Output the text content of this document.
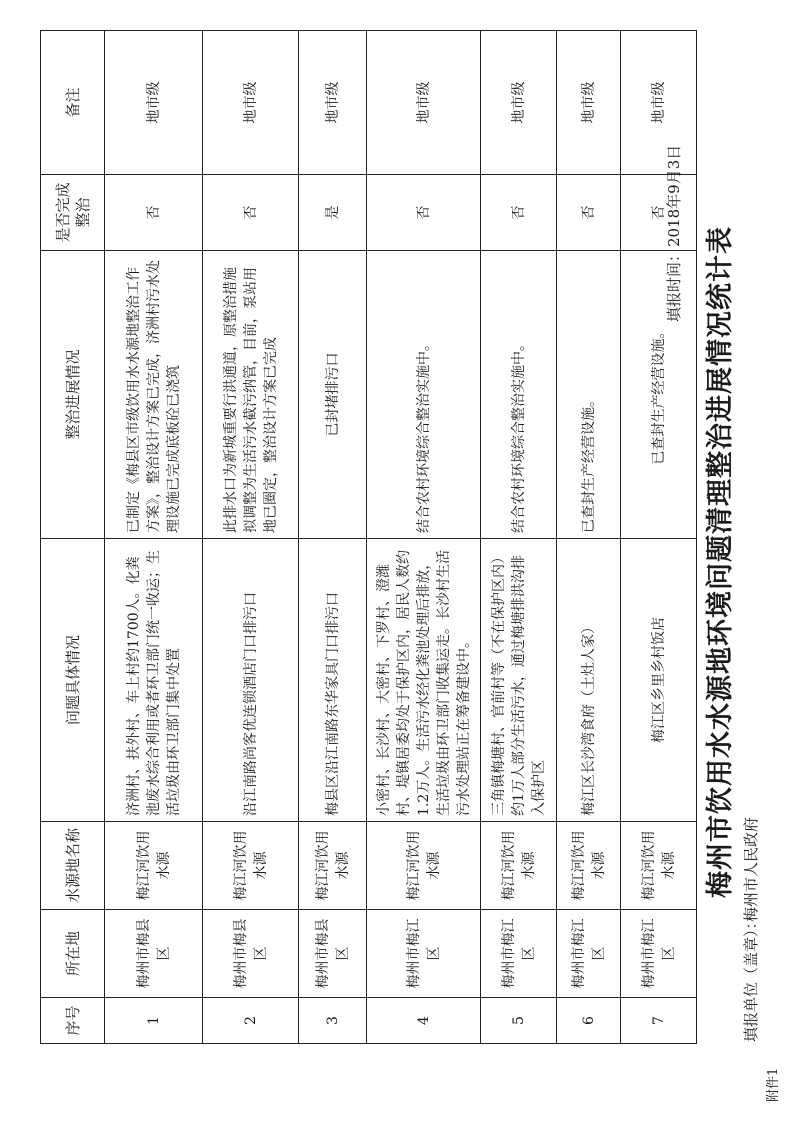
附件1
梅州市饮用水水源地环境问题清理整治进展情况统计表
填报时间：2018年9月3日
填报单位（盖章）：
梅州市人民政府
序号	所在地	水源地名称	问题具体情况	整治进展情况	是否完成整治	备注
1	梅州市梅县区	梅江河饮用水源	济洲村、扶外村、车上村约1700人。化粪池废水综合利用或者环卫部门统一收运；生活垃圾由环卫部门集中处置	已制定《梅县区市级饮用水水源地整治工作方案》，整治设计方案已完成，济洲村污水处理设施已完成底板砼已浇筑	否	地市级
2	梅州市梅县区	梅江河饮用水源	沿江南路尚客优连锁酒店门口排污口	此排水口为新城重要行洪通道，原整治措施拟调整为生活污水截污纳管，目前，泵站用地已圈定，整治设计方案已完成	否	地市级
3	梅州市梅县区	梅江河饮用水源	梅县区沿江南路东华家具门口排污口	已封堵排污口	是	地市级
4	梅州市梅江区	梅江河饮用水源	小密村、长沙村、大密村、下罗村、澄潍村、堤镇居委均处于保护区内，居民人数约1.2万人。生活污水经化粪池处理后排放，生活垃圾由环卫部门收集运走。长沙村生活污水处理站正在筹备建设中。	结合农村环境综合整治实施中。	否	地市级
5	梅州市梅江区	梅江河饮用水源	三角镇梅塘村、官前村等（不在保护区内）约1万人部分生活污水，通过梅塘排洪沟排入保护区	结合农村环境综合整治实施中。	否	地市级
6	梅州市梅江区	梅江河饮用水源	梅江区长沙湾食府（土灶人家）	已查封生产经营设施。	否	地市级
7	梅州市梅江区	梅江河饮用水源	梅江区乡里乡村饭店	已查封生产经营设施。	否	地市级
